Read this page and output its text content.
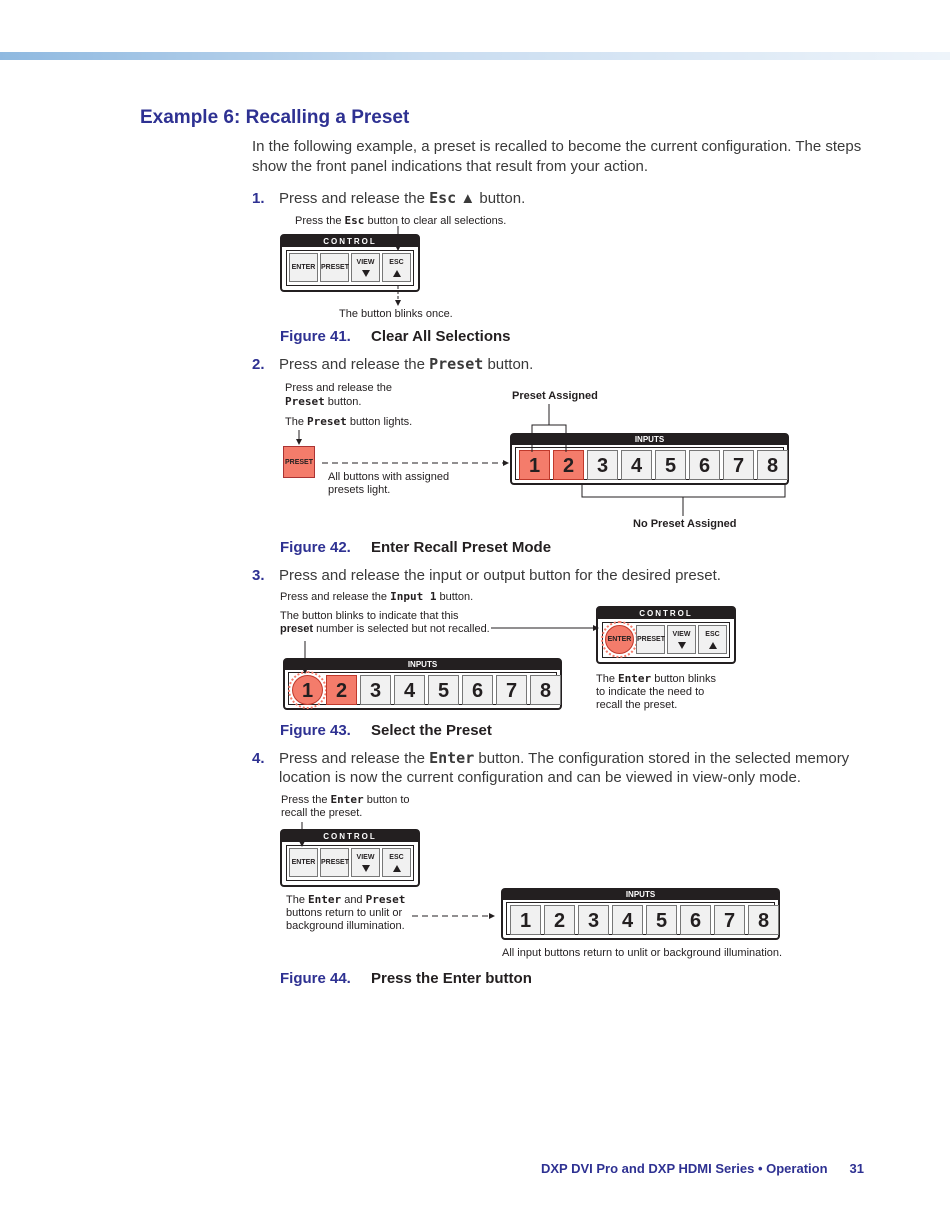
Example 6: Recalling a Preset

In the following example, a preset is recalled to become the current configuration. The steps show the front panel indications that result from your action.

1. Press and release the Esc ▲ button.
Press the Esc button to clear all selections.
CONTROL
ENTER PRESET
VIEW	ESC
The button blinks once.
Figure 41. Clear All Selections
2. Press and release the Preset button.
Press and release the
Preset button.
The Preset button lights.
PRESET
All buttons with assigned presets light.
Preset Assigned
INPUTS
1	2	3	4	5	6	7	8
No Preset Assigned
Figure 42. Enter Recall Preset Mode
3. Press and release the input or output button for the desired preset.
Press and release the Input 1 button.
The button blinks to indicate that this
preset number is selected but not recalled.
CONTROL
ENTER PRESET
VIEW	ESC
INPUTS
1	2	3	4	5	6	7	8
The Enter button blinks to indicate the need to recall the preset.
Figure 43. Select the Preset
4. Press and release the Enter button. The configuration stored in the selected memory location is now the current configuration and can be viewed in view-only mode.
Press the Enter button to recall the preset.
CONTROL
ENTER PRESET
VIEW	ESC
The Enter and Preset buttons return to unlit or background illumination.
INPUTS
1	2	3	4	5	6	7	8
All input buttons return to unlit or background illumination.
Figure 44. Press the Enter button
DXP DVI Pro and DXP HDMI Series • Operation 31
